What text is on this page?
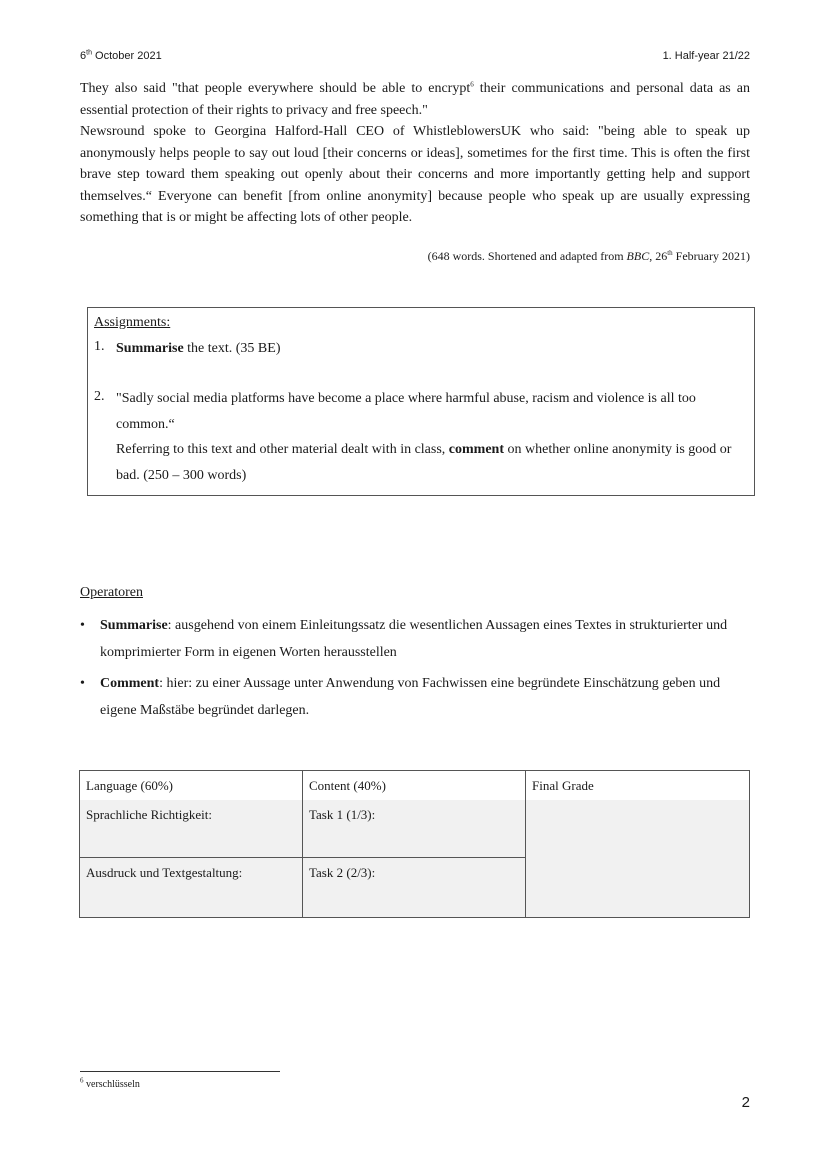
6th October 2021	1. Half-year 21/22

They also said "that people everywhere should be able to encrypt$^6$ their communications and personal data as an essential protection of their rights to privacy and free speech."

Newsround spoke to Georgina Halford-Hall CEO of WhistleblowersUK who said: "being able to speak up anonymously helps people to say out loud [their concerns or ideas], sometimes for the first time. This is often the first brave step toward them speaking out openly about their concerns and more importantly getting help and support themselves.“ Everyone can benefit [from online anonymity] because people who speak up are usually expressing something that is or might be affecting lots of other people.

(648 words. Shortened and adapted from BBC, 26th February 2021)
Assignments:
1. Summarise the text. (35 BE)
2. "Sadly social media platforms have become a place where harmful abuse, racism and violence is all too common.“
Referring to this text and other material dealt with in class, comment on whether online anonymity is good or bad. (250 – 300 words)
Operatoren
• Summarise: ausgehend von einem Einleitungssatz die wesentlichen Aussagen eines Textes in strukturierter und komprimierter Form in eigenen Worten herausstellen
• Comment: hier: zu einer Aussage unter Anwendung von Fachwissen eine begründete Einschätzung geben und eigene Maßstäbe begründet darlegen.
Language (60%)	Content (40%)	Final Grade
Sprachliche Richtigkeit:	Task 1 (1/3):
Ausdruck und Textgestaltung:	Task 2 (2/3):
$^6$ verschlüsseln
2
